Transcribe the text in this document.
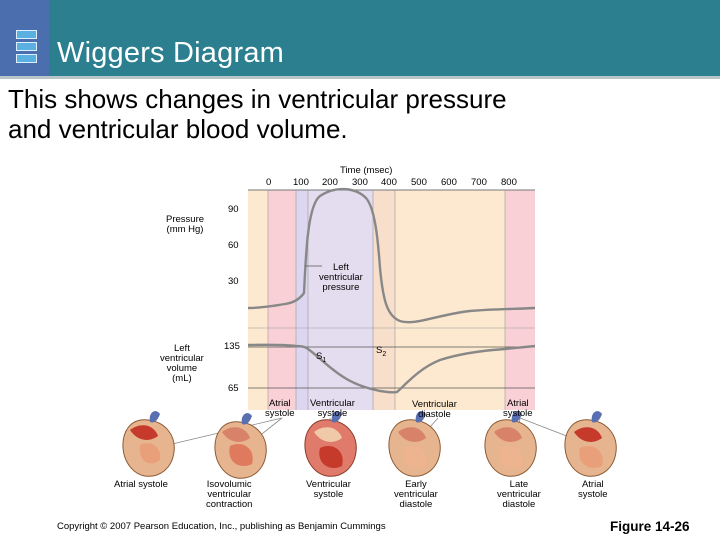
Wiggers Diagram
This shows changes in ventricular pressure
and ventricular blood volume.
Time (msec)
0 100 200 300 400 500 600 700 800
Pressure
(mm Hg)
90
60
30
Left
ventricular
pressure
Left
ventricular
volume
(mL)
135
65
$S_1$
$S_2$
Atrial
systole
Ventricular
systole
Ventricular
diastole
Atrial
systole
Atrial systole	Isovolumic
ventricular
contraction
Ventricular
systole
Early
ventricular
diastole
Late
ventricular
diastole
Atrial
systole
Copyright © 2007 Pearson Education, Inc., publishing as Benjamin Cummings	Figure 14-26
